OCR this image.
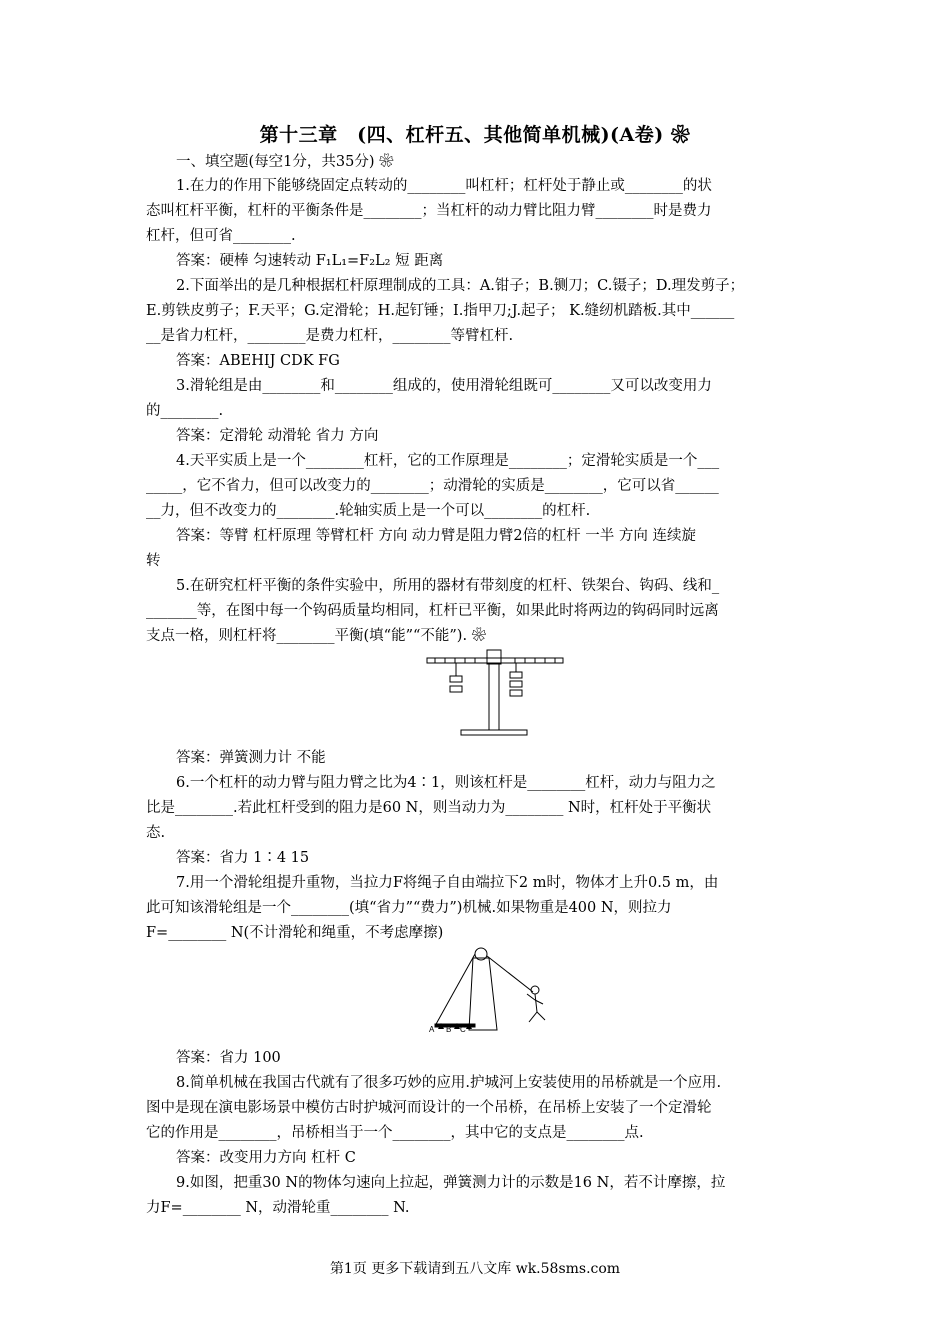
第十三章　(四、杠杆五、其他简单机械)(A卷) ❀
一、填空题(每空1分，共35分) ❀
1.在力的作用下能够绕固定点转动的________叫杠杆；杠杆处于静止或________的状
态叫杠杆平衡，杠杆的平衡条件是________；当杠杆的动力臂比阻力臂________时是费力
杠杆，但可省________.
答案：硬棒 匀速转动 F₁L₁=F₂L₂ 短 距离
2.下面举出的是几种根据杠杆原理制成的工具：A.钳子；B.铡刀；C.镊子；D.理发剪子；
E.剪铁皮剪子；F.天平；G.定滑轮；H.起钉锤；I.指甲刀;J.起子； K.缝纫机踏板.其中______
__是省力杠杆，________是费力杠杆，________等臂杠杆.
答案：ABEHIJ CDK FG
3.滑轮组是由________和________组成的，使用滑轮组既可________又可以改变用力
的________.
答案：定滑轮 动滑轮 省力 方向
4.天平实质上是一个________杠杆，它的工作原理是________；定滑轮实质是一个___
_____，它不省力，但可以改变力的________；动滑轮的实质是________，它可以省______
__力，但不改变力的________.轮轴实质上是一个可以________的杠杆.
答案：等臂 杠杆原理 等臂杠杆 方向 动力臂是阻力臂2倍的杠杆 一半 方向 连续旋
转
5.在研究杠杆平衡的条件实验中，所用的器材有带刻度的杠杆、铁架台、钩码、线和_
_______等，在图中每一个钩码质量均相同，杠杆已平衡，如果此时将两边的钩码同时远离
支点一格，则杠杆将________平衡(填“能”“不能”). ❀
答案：弹簧测力计 不能
6.一个杠杆的动力臂与阻力臂之比为4∶1，则该杠杆是________杠杆，动力与阻力之
比是________.若此杠杆受到的阻力是60 N，则当动力为________ N时，杠杆处于平衡状
态.
答案：省力 1∶4 15
7.用一个滑轮组提升重物，当拉力F将绳子自由端拉下2 m时，物体才上升0.5 m，由
此可知该滑轮组是一个________(填“省力”“费力”)机械.如果物重是400 N，则拉力
F=________ N(不计滑轮和绳重，不考虑摩擦)
A B C
答案：省力 100
8.简单机械在我国古代就有了很多巧妙的应用.护城河上安装使用的吊桥就是一个应用.
图中是现在演电影场景中模仿古时护城河而设计的一个吊桥，在吊桥上安装了一个定滑轮
它的作用是________，吊桥相当于一个________，其中它的支点是________点.
答案：改变用力方向 杠杆 C
9.如图，把重30 N的物体匀速向上拉起，弹簧测力计的示数是16 N，若不计摩擦，拉
力F=________ N，动滑轮重________ N.
第1页 更多下载请到五八文库 wk.58sms.com
